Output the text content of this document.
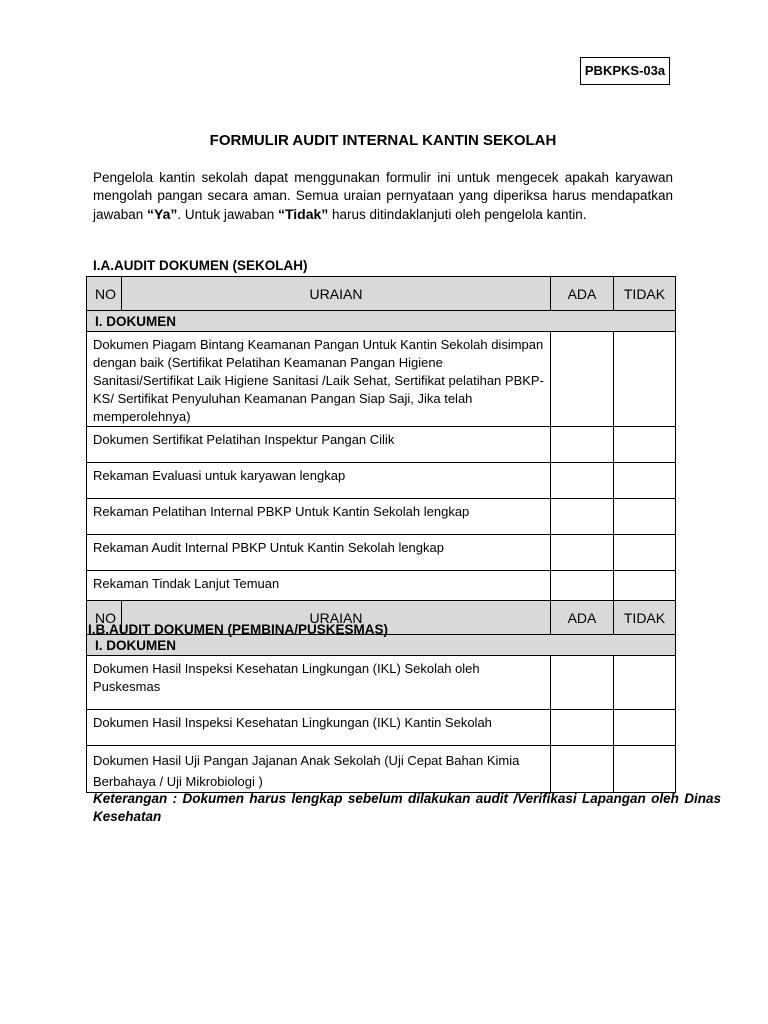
PBKPKS-03a
FORMULIR AUDIT INTERNAL KANTIN SEKOLAH
Pengelola kantin sekolah dapat menggunakan formulir ini untuk mengecek apakah karyawan mengolah pangan secara aman. Semua uraian pernyataan yang diperiksa harus mendapatkan jawaban “Ya”. Untuk jawaban “Tidak” harus ditindaklanjuti oleh pengelola kantin.
I.A.AUDIT DOKUMEN (SEKOLAH)
NO	URAIAN	ADA	TIDAK
I. DOKUMEN			
Dokumen Piagam Bintang Keamanan Pangan Untuk Kantin Sekolah disimpan dengan baik (Sertifikat Pelatihan Keamanan Pangan Higiene Sanitasi/Sertifikat Laik Higiene Sanitasi /Laik Sehat, Sertifikat pelatihan PBKP-KS/ Sertifikat Penyuluhan Keamanan Pangan Siap Saji, Jika telah memperolehnya)			
Dokumen Sertifikat Pelatihan Inspektur Pangan Cilik			
Rekaman Evaluasi untuk karyawan lengkap			
Rekaman Pelatihan Internal PBKP Untuk Kantin Sekolah lengkap			
Rekaman Audit Internal PBKP Untuk Kantin Sekolah lengkap			
Rekaman Tindak Lanjut Temuan			
NO	URAIAN	ADA	TIDAK
I. DOKUMEN			
Dokumen Hasil Inspeksi Kesehatan Lingkungan (IKL) Sekolah oleh Puskesmas			
Dokumen Hasil Inspeksi Kesehatan Lingkungan (IKL) Kantin Sekolah			
Dokumen Hasil Uji Pangan Jajanan Anak Sekolah (Uji Cepat Bahan Kimia Berbahaya / Uji Mikrobiologi )			
I.B.AUDIT DOKUMEN (PEMBINA/PUSKESMAS)
Keterangan : Dokumen harus lengkap sebelum dilakukan audit /Verifikasi Lapangan oleh Dinas Kesehatan
